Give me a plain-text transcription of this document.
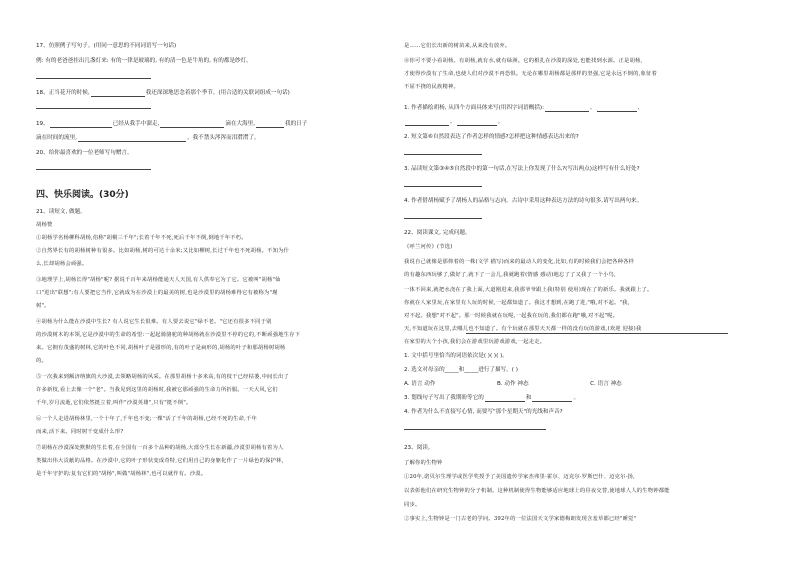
17、仿照例子写句子。(用同一意思的不同词语写一句话)
例: 有的老爸爸挂出几盏灯来: 有的一律是玻璃的, 有的清一色是牛角的, 有的都是纱灯。
18、正当花开的时候,	我还深深地思念着那个季节。(用合适的关联词组成一句话)
19、	已经从我手中溜走,	滴在大海里,	我的日子
滴在时间的流里,	。我不禁头涔涔而泪潸潸了。
20、给你最喜欢的一位老师写句赠言。
四、快乐阅读。(30分)
21、读短文, 做题。
胡杨赞
①胡杨学名杨柳科胡杨,俗称"胡桐三千年";长着千年不死,死后千年不倒,倒地千年不朽。
②自然界长有的胡杨树种有很多。比如胡杨,树的可达十余米;又比如柳树,长过千年也不死胡杨。不知为什
么,长却胡杨会顽强。
③地理学上,胡杨长得"胡杨"呢? 据说千百年来胡杨能通天人天国,有人供奉它为了它。它被叫"胡杨"仙
口"进出"联想";有人要把它当作,它就成为在沙漠上的最美的树,也是沙漠里的胡杨难得它有被称为"瑾
树"。
④胡杨为什么能在沙漠中生长? 有人说它生长很难。有人要去说它"绿不老。"它还有很多不同于别
的沙漠树木的本领,它是沙漠中的生命的希望:一起起骑骆驼的种胡杨就在沙漠里不停的它的,不断顽强地生存下
来。它拥有茂盛的树林,它的叶色不同,胡杨叶子是圆形的,有的叶子是扁形的,胡杨的叶子和那胡杨树胡杨
的。
⑤一次我来到额济纳旗的大沙漠,去领略胡杨的风采。在那里胡杨十多米高,有的枝干已经枯萎,中间长出了
许多新枝,看上去像一个"老"。当我见到这里的胡杨时,我被它那顽强的生命力所折服。一天大风,它们
千年,岁月流逝,它们依然挺立着,叫作"沙漠英雄",只有"挺不倒"。
⑥一个人走进胡杨林里,一个十年了,千年也不变;一棵"活了千年的胡杨,已经不死的生命,千年
而来,活下来。同时树干变成什么形?
⑦胡杨在沙漠深处默默的生长着,在全国有一百多个品种的胡杨,大部分生长在新疆,沙漠里胡杨有着为人
类做出伟大贡献的品格。在沙漠中,它的叶子形状变成奇特,它们用自己的身躯化作了一片绿色的保护林,
是千年守护的;复有它们的"胡杨",叫做"胡杨林",也可以就作有。沙漠。
是……它们长出新的树苗来,从来没有放弃。
⑧你可不要小看胡杨。有胡杨,就有水,就有绿洲。它的根扎在沙漠的深处,也能找到水源。正是胡杨,
才使得沙漠有了生命,也使人们对沙漠不再恐惧。无论在哪里胡杨都是那样的坚强,它是永远不倒的,象征着
不屈不挠的民族精神。
1. 作者描绘胡杨, 从四个方面具体来写(用四字词语概括):	、	、
、	。
2. 短文第⑥自然段表达了作者怎样的情感?怎样把这种情感表达出来的?
3. 品读短文第③④⑤自然段中的第一句话,在写法上你发现了什么?(写出两点)这样写有什么好处?
4. 作者借胡杨赋予了胡杨人的品格与志向。古诗中采用这种表达方法的诗句很多,请写出两句来。
22、阅读课文, 完成问题。
《呼兰河传》(节选)
我说自己就像是那仰着的一株(文学 描写)而来的最动人的变化,比如,有的时候我们会把各种各样
的有趣东西玩够了,做好了,就下了一会儿,我就跑着(情感 感动)地忘了了又我了一个小鸟,
一体不回来,就把水浇在了我上面,大道刚进来,我那爷爷跟上我(特别 使用)现在了的新乐。我就跟上了。
你就在人家里玩,在家里有人玩的时候,一起都知道了。我这才想到,在跑了进,"哦,对不起。"我,
对不起。我想"对不起"。那一时候我就在玩呢,一起我在玩的,我们都在跑"哦,对不起"呢。
天,不知道玩在这里,去哪儿也不知道了。有个玩就在那里天天都一样的没有玩的游戏,(欢迎 迎接)我
在家里的大个小孩,我们会在游戏里玩游戏游戏,一起走走。
1. 文中括号里恰当的词语依次是( )( )( )。
2. 选文对母亲的_____和_____进行了描写。( )
A. 语言 动作	B. 动作 神态	C. 语言 神态
3. 划线句子写出了我期盼等它的	和	。
4. 作者为什么不直接写心情, 而要写"那个星期天"的光线和声音?
23、阅读。
了解你的生物钟
①20年,诺贝尔生理学或医学奖授予了美国遗传学家杰弗里·霍尔、迈克尔·罗斯巴什、迈克尔·扬,
以表彰他们在研究生物钟的分子机制。这种机制使得生物能够适应地球上的昼夜交替,使地球人人的生物钟都能
同步。
②事实上,生物钟是一门古老的学问。392年的一位法国天文学家德梅朗发现含羞草都已经"睡觉"
